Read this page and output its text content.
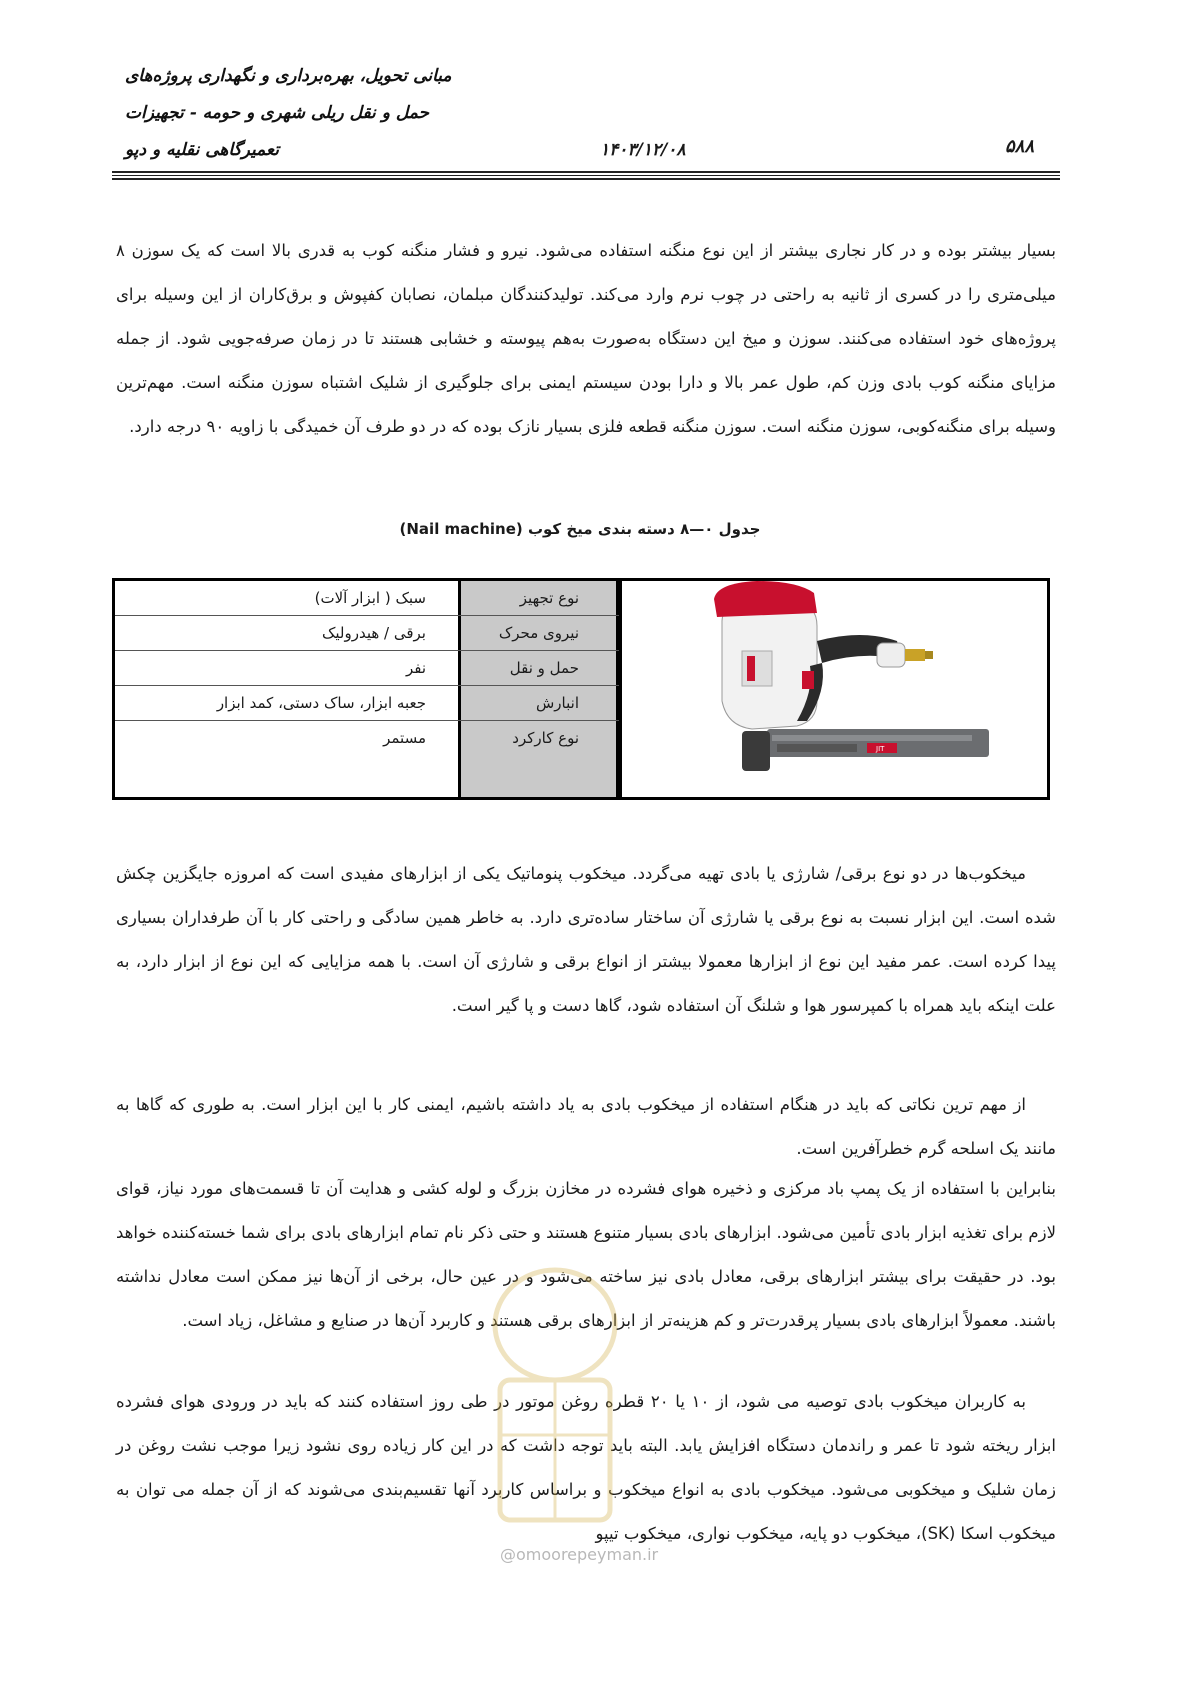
مبانی تحویل، بهره‌برداری و نگهداری پروژه‌های
حمل و نقل ریلی شهری و حومه - تجهیزات
تعمیرگاهی نقلیه و دپو	۱۴۰۳/۱۲/۰۸	۵۸۸

بسیار بیشتر بوده و در کار نجاری بیشتر از این نوع منگنه استفاده می‌شود. نیرو و فشار منگنه کوب به قدری بالا است که یک سوزن ۸ میلی‌متری را در کسری از ثانیه به راحتی در چوب نرم وارد می‌کند. تولیدکنندگان مبلمان، نصابان کفپوش و برق‌کاران از این وسیله برای پروژه‌های خود استفاده می‌کنند. سوزن و میخ این دستگاه به‌صورت به‌هم پیوسته و خشابی هستند تا در زمان صرفه‌جویی شود. از جمله مزایای منگنه کوب بادی وزن کم، طول عمر بالا و دارا بودن سیستم ایمنی برای جلوگیری از شلیک اشتباه سوزن منگنه است. مهم‌ترین وسیله برای منگنه‌کوبی، سوزن منگنه است. سوزن منگنه قطعه فلزی بسیار نازک بوده که در دو طرف آن خمیدگی با زاویه ۹۰ درجه دارد.

جدول ۰—۸ دسته بندی میخ کوب (Nail machine)
نوع تجهیز
سبک ( ابزار آلات)
نیروی محرک
برقی / هیدرولیک
حمل و نقل
نفر
انبارش
جعبه ابزار، ساک دستی، کمد ابزار
نوع کارکرد
مستمر
JIT

میخکوب‌ها در دو نوع برقی/ شارژی یا بادی تهیه می‌گردد. میخکوب پنوماتیک یکی از ابزارهای مفیدی است که امروزه جایگزین چکش شده است. این ابزار نسبت به نوع برقی یا شارژی آن ساختار ساده‌تری دارد. به خاطر همین سادگی و راحتی کار با آن طرفداران بسیاری پیدا کرده است. عمر مفید این نوع از ابزارها معمولا بیشتر از انواع برقی و شارژی آن است. با همه مزایایی که این نوع از ابزار دارد، به علت اینکه باید همراه با کمپرسور هوا و شلنگ آن استفاده شود، گاها دست و پا گیر است.

از مهم ترین نکاتی که باید در هنگام استفاده از میخکوب بادی به یاد داشته باشیم، ایمنی کار با این ابزار است. به طوری که گاها به مانند یک اسلحه گرم خطرآفرین است.

بنابراین با استفاده از یک پمپ باد مرکزی و ذخیره هوای فشرده در مخازن بزرگ و لوله کشی و هدایت آن تا قسمت‌های مورد نیاز، قوای لازم برای تغذیه ابزار بادی تأمین می‌شود. ابزارهای بادی بسیار متنوع هستند و حتی ذکر نام تمام ابزارهای بادی برای شما خسته‌کننده خواهد بود. در حقیقت برای بیشتر ابزارهای برقی، معادل بادی نیز ساخته می‌شود و در عین حال، برخی از آن‌ها نیز ممکن است معادل نداشته باشند. معمولاً ابزارهای بادی بسیار پرقدرت‌تر و کم هزینه‌تر از ابزارهای برقی هستند و کاربرد آن‌ها در صنایع و مشاغل، زیاد است.

به کاربران میخکوب بادی توصیه می شود، از ۱۰ یا ۲۰ قطره روغن موتور در طی روز استفاده کنند که باید در ورودی هوای فشرده ابزار ریخته شود تا عمر و راندمان دستگاه افزایش یابد. البته باید توجه داشت که در این کار زیاده روی نشود زیرا موجب نشت روغن در زمان شلیک و میخکوبی می‌شود. میخکوب بادی به انواع میخکوب و براساس کاربرد آنها تقسیم‌بندی می‌شوند که از آن جمله می توان به میخکوب اسکا (SK)، میخکوب دو پایه، میخکوب نواری، میخکوب تیپو

@omoorepeyman.ir
